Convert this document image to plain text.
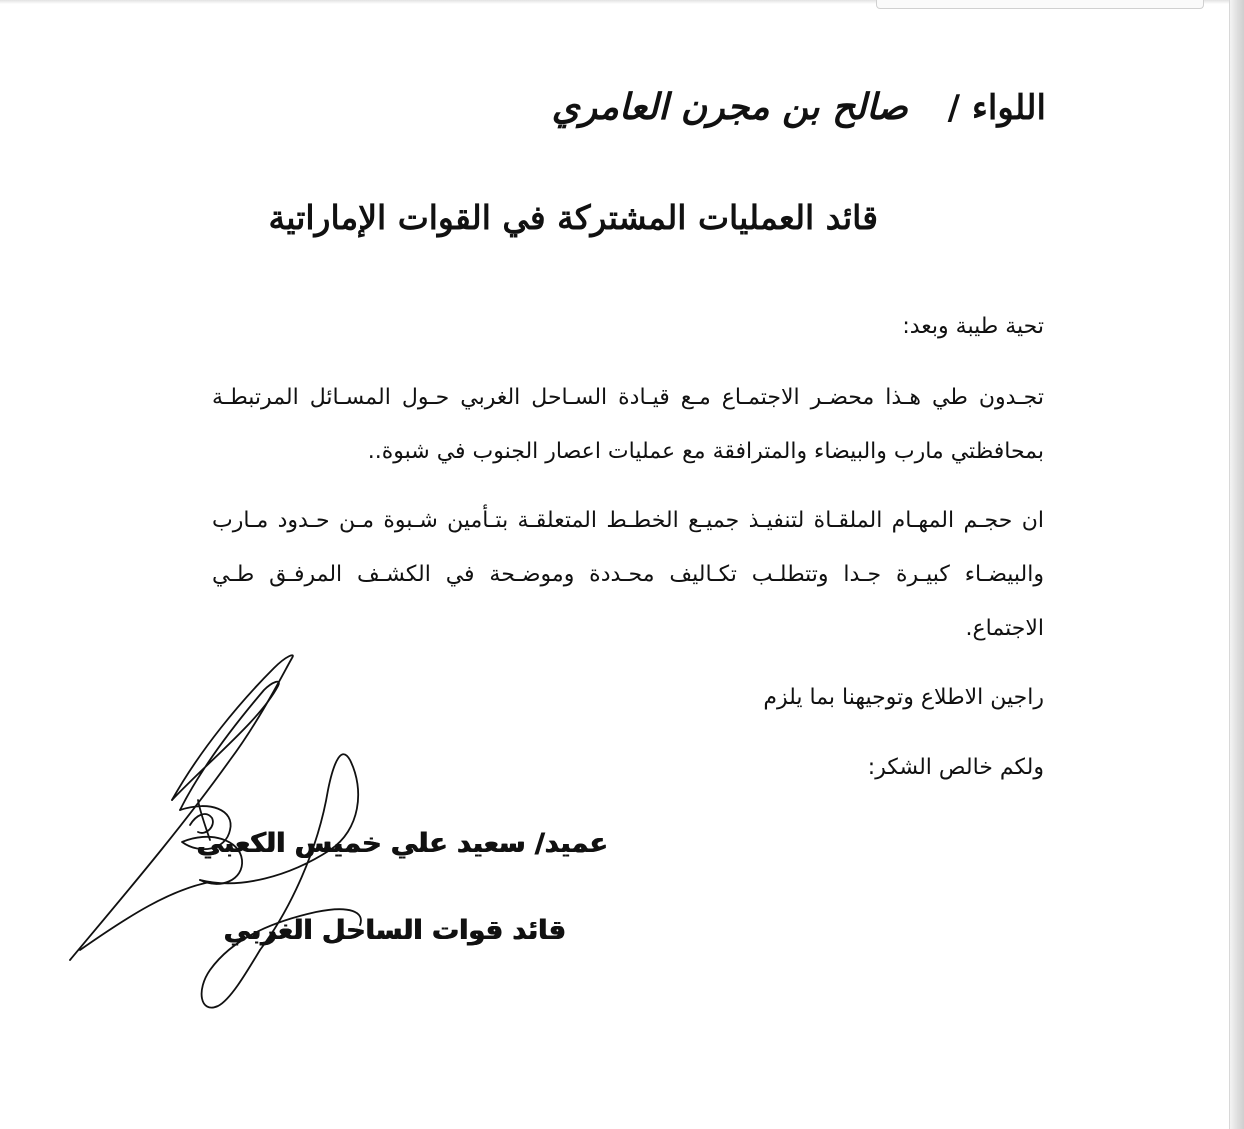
اللواء / صالح بن مجرن العامري
قائد العمليات المشتركة في القوات الإماراتية
تحية طيبة وبعد:
تجـدون طي هـذا محضـر الاجتمـاع مـع قيـادة السـاحل الغربي حـول المسـائل المرتبطـة
بمحافظتي مارب والبيضاء والمترافقة مع عمليات اعصار الجنوب في شبوة..
ان حجـم المهـام الملقـاة لتنفيـذ جميـع الخطـط المتعلقـة بتـأمين شـبوة مـن حـدود مـارب
والبيضـاء كبيـرة جـدا وتتطلـب تكـاليف محـددة وموضـحة في الكشـف المرفـق طـي
الاجتماع.
راجين الاطلاع وتوجيهنا بما يلزم
ولكم خالص الشكر:
عميد/ سعيد علي خميس الكعبي
قائد قوات الساحل الغربي
